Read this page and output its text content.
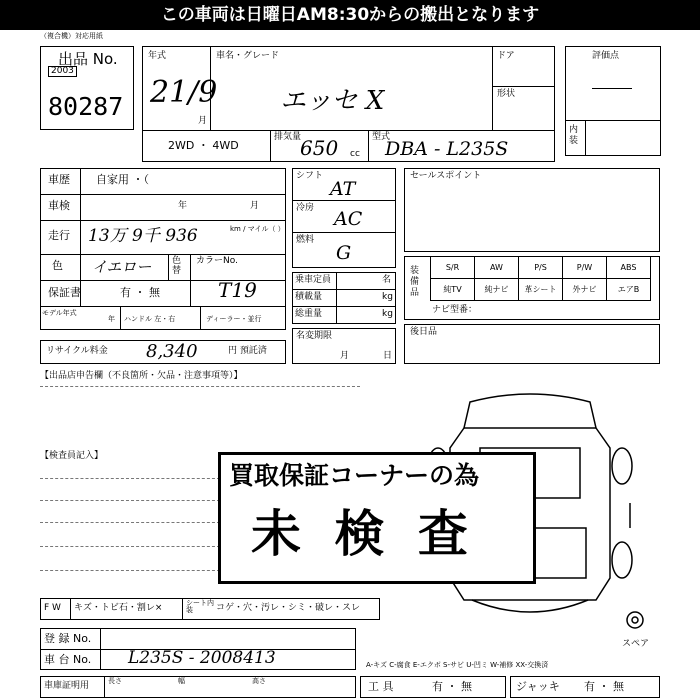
この車両は日曜日AM8:30からの搬出となります
（複合機）対応用紙
出品 No.
2003
80287
年式
21/9
月
車名・グレード
エッセ X
ドア
形状
2WD ・ 4WD
排気量
650 cc
型式
DBA - L235S
評価点
内装
車歴 自家用 ・（
車検	年	月
走行 13万 9千 936	km / マイル（ ）
色 イエロー 色替
カラーNo.
T19
保証書	有 ・ 無
モデル年式
年 ハンドル 左・右	ディーラー・並行
リサイクル料金 8,340	円 預託済
シフト
AT
冷房 AC
燃料
G
乗車定員	名
積載量	kg
総重量	kg
名変期限
月	日
セールスポイント
装備品
S/R	AW	P/S	P/W	ABS
純TV	純ナビ	革シート	外ナビ	エアB
ナビ型番：
後日品
【出品店申告欄（不良箇所・欠品・注意事項等）】
【検査員記入】
買取保証コーナーの為
未 検 査
F W キズ・トビ石・割レ×	シート内装	コゲ・穴・汚レ・シミ・破レ・スレ
登 録 No.
車 台 No. L235S - 2008413
車庫証明用	長さ	幅	高さ
スペア
A-キズ C-腐食 E-エクボ S-サビ U-凹ミ W-補修 XX-交換済
工 具	有 ・ 無	ジャッキ 有 ・ 無
